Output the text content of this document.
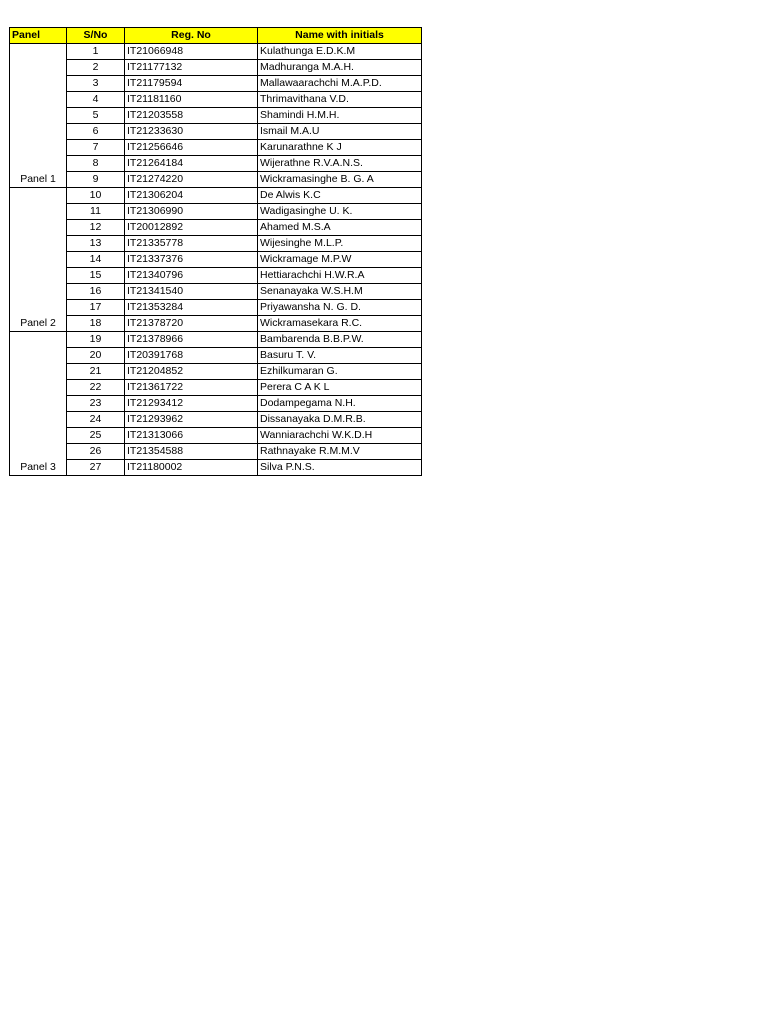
Panel	S/No	Reg. No	Name with initials
Panel 1	1	IT21066948	Kulathunga E.D.K.M
	2	IT21177132	Madhuranga M.A.H.
	3	IT21179594	Mallawaarachchi M.A.P.D.
	4	IT21181160	Thrimavithana V.D.
	5	IT21203558	Shamindi H.M.H.
	6	IT21233630	Ismail M.A.U
	7	IT21256646	Karunarathne K J
	8	IT21264184	Wijerathne R.V.A.N.S.
	9	IT21274220	Wickramasinghe B. G. A
Panel 2	10	IT21306204	De Alwis K.C
	11	IT21306990	Wadigasinghe U. K.
	12	IT20012892	Ahamed M.S.A
	13	IT21335778	Wijesinghe M.L.P.
	14	IT21337376	Wickramage M.P.W
	15	IT21340796	Hettiarachchi H.W.R.A
	16	IT21341540	Senanayaka W.S.H.M
	17	IT21353284	Priyawansha N. G. D.
	18	IT21378720	Wickramasekara R.C.
Panel 3	19	IT21378966	Bambarenda B.B.P.W.
	20	IT20391768	Basuru T. V.
	21	IT21204852	Ezhilkumaran G.
	22	IT21361722	Perera C A K L
	23	IT21293412	Dodampegama N.H.
	24	IT21293962	Dissanayaka D.M.R.B.
	25	IT21313066	Wanniarachchi W.K.D.H
	26	IT21354588	Rathnayake R.M.M.V
	27	IT21180002	Silva P.N.S.
